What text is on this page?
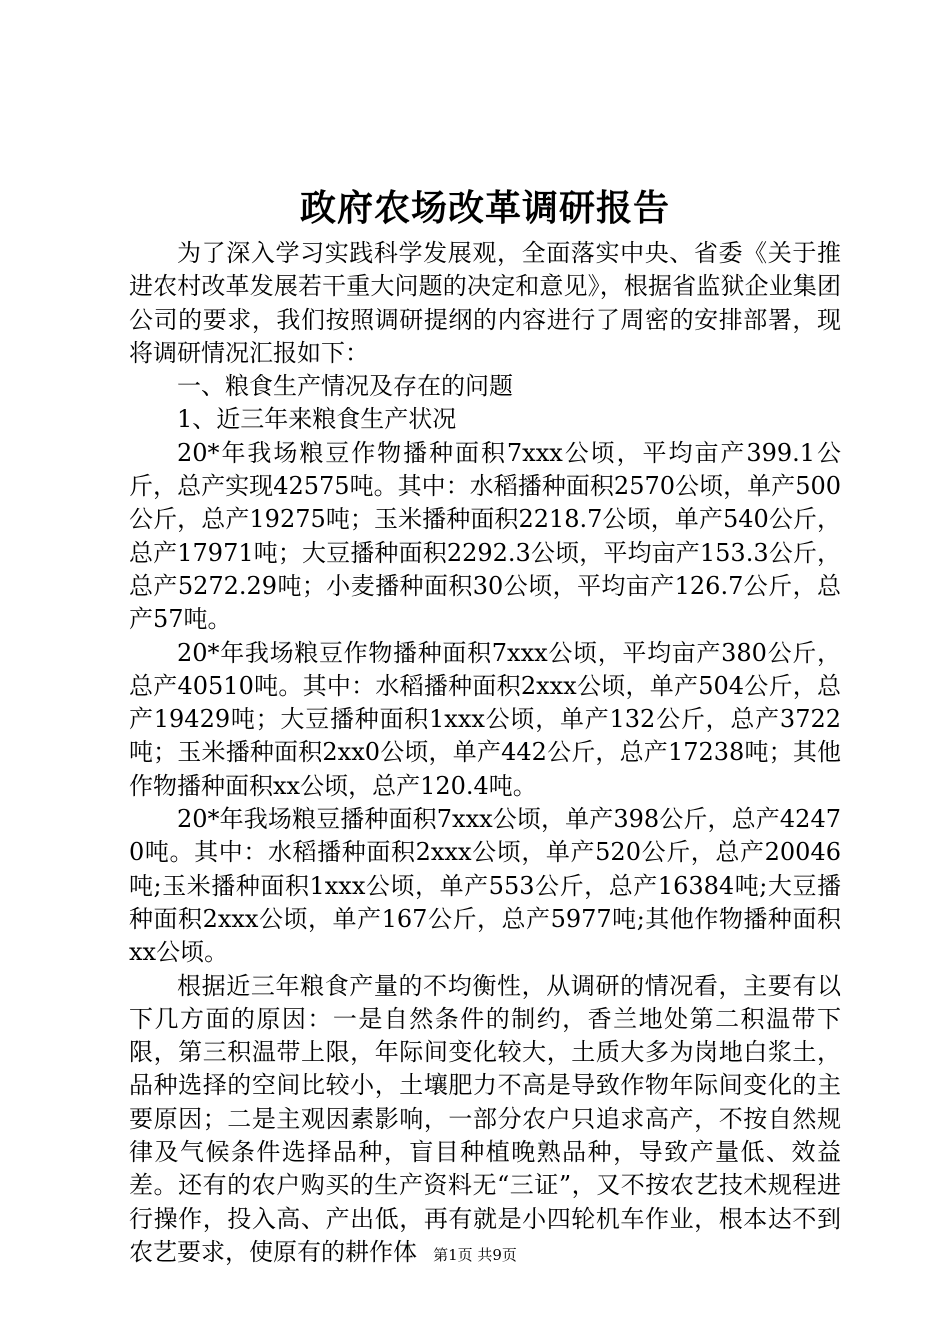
政府农场改革调研报告

为了深入学习实践科学发展观，全面落实中央、省委《关于推进农村改革发展若干重大问题的决定和意见》，根据省监狱企业集团公司的要求，我们按照调研提纲的内容进行了周密的安排部署，现将调研情况汇报如下：

一、粮食生产情况及存在的问题

1、近三年来粮食生产状况

20*年我场粮豆作物播种面积7xxx公顷，平均亩产399.1公斤，总产实现42575吨。其中：水稻播种面积2570公顷，单产500公斤，总产19275吨；玉米播种面积2218.7公顷，单产540公斤，总产17971吨；大豆播种面积2292.3公顷，平均亩产153.3公斤，总产5272.29吨；小麦播种面积30公顷，平均亩产126.7公斤，总产57吨。

20*年我场粮豆作物播种面积7xxx公顷，平均亩产380公斤，总产40510吨。其中：水稻播种面积2xxx公顷，单产504公斤，总产19429吨；大豆播种面积1xxx公顷，单产132公斤，总产3722吨；玉米播种面积2xx0公顷，单产442公斤，总产17238吨；其他作物播种面积xx公顷，总产120.4吨。

20*年我场粮豆播种面积7xxx公顷，单产398公斤，总产42470吨。其中：水稻播种面积2xxx公顷，单产520公斤，总产20046吨;玉米播种面积1xxx公顷，单产553公斤，总产16384吨;大豆播种面积2xxx公顷，单产167公斤，总产5977吨;其他作物播种面积xx公顷。

根据近三年粮食产量的不均衡性，从调研的情况看，主要有以下几方面的原因：一是自然条件的制约，香兰地处第二积温带下限，第三积温带上限，年际间变化较大，土质大多为岗地白浆土，品种选择的空间比较小，土壤肥力不高是导致作物年际间变化的主要原因；二是主观因素影响，一部分农户只追求高产，不按自然规律及气候条件选择品种，盲目种植晚熟品种，导致产量低、效益差。还有的农户购买的生产资料无“三证”，又不按农艺技术规程进行操作，投入高、产出低，再有就是小四轮机车作业，根本达不到农艺要求，使原有的耕作体	第1页 共9页
